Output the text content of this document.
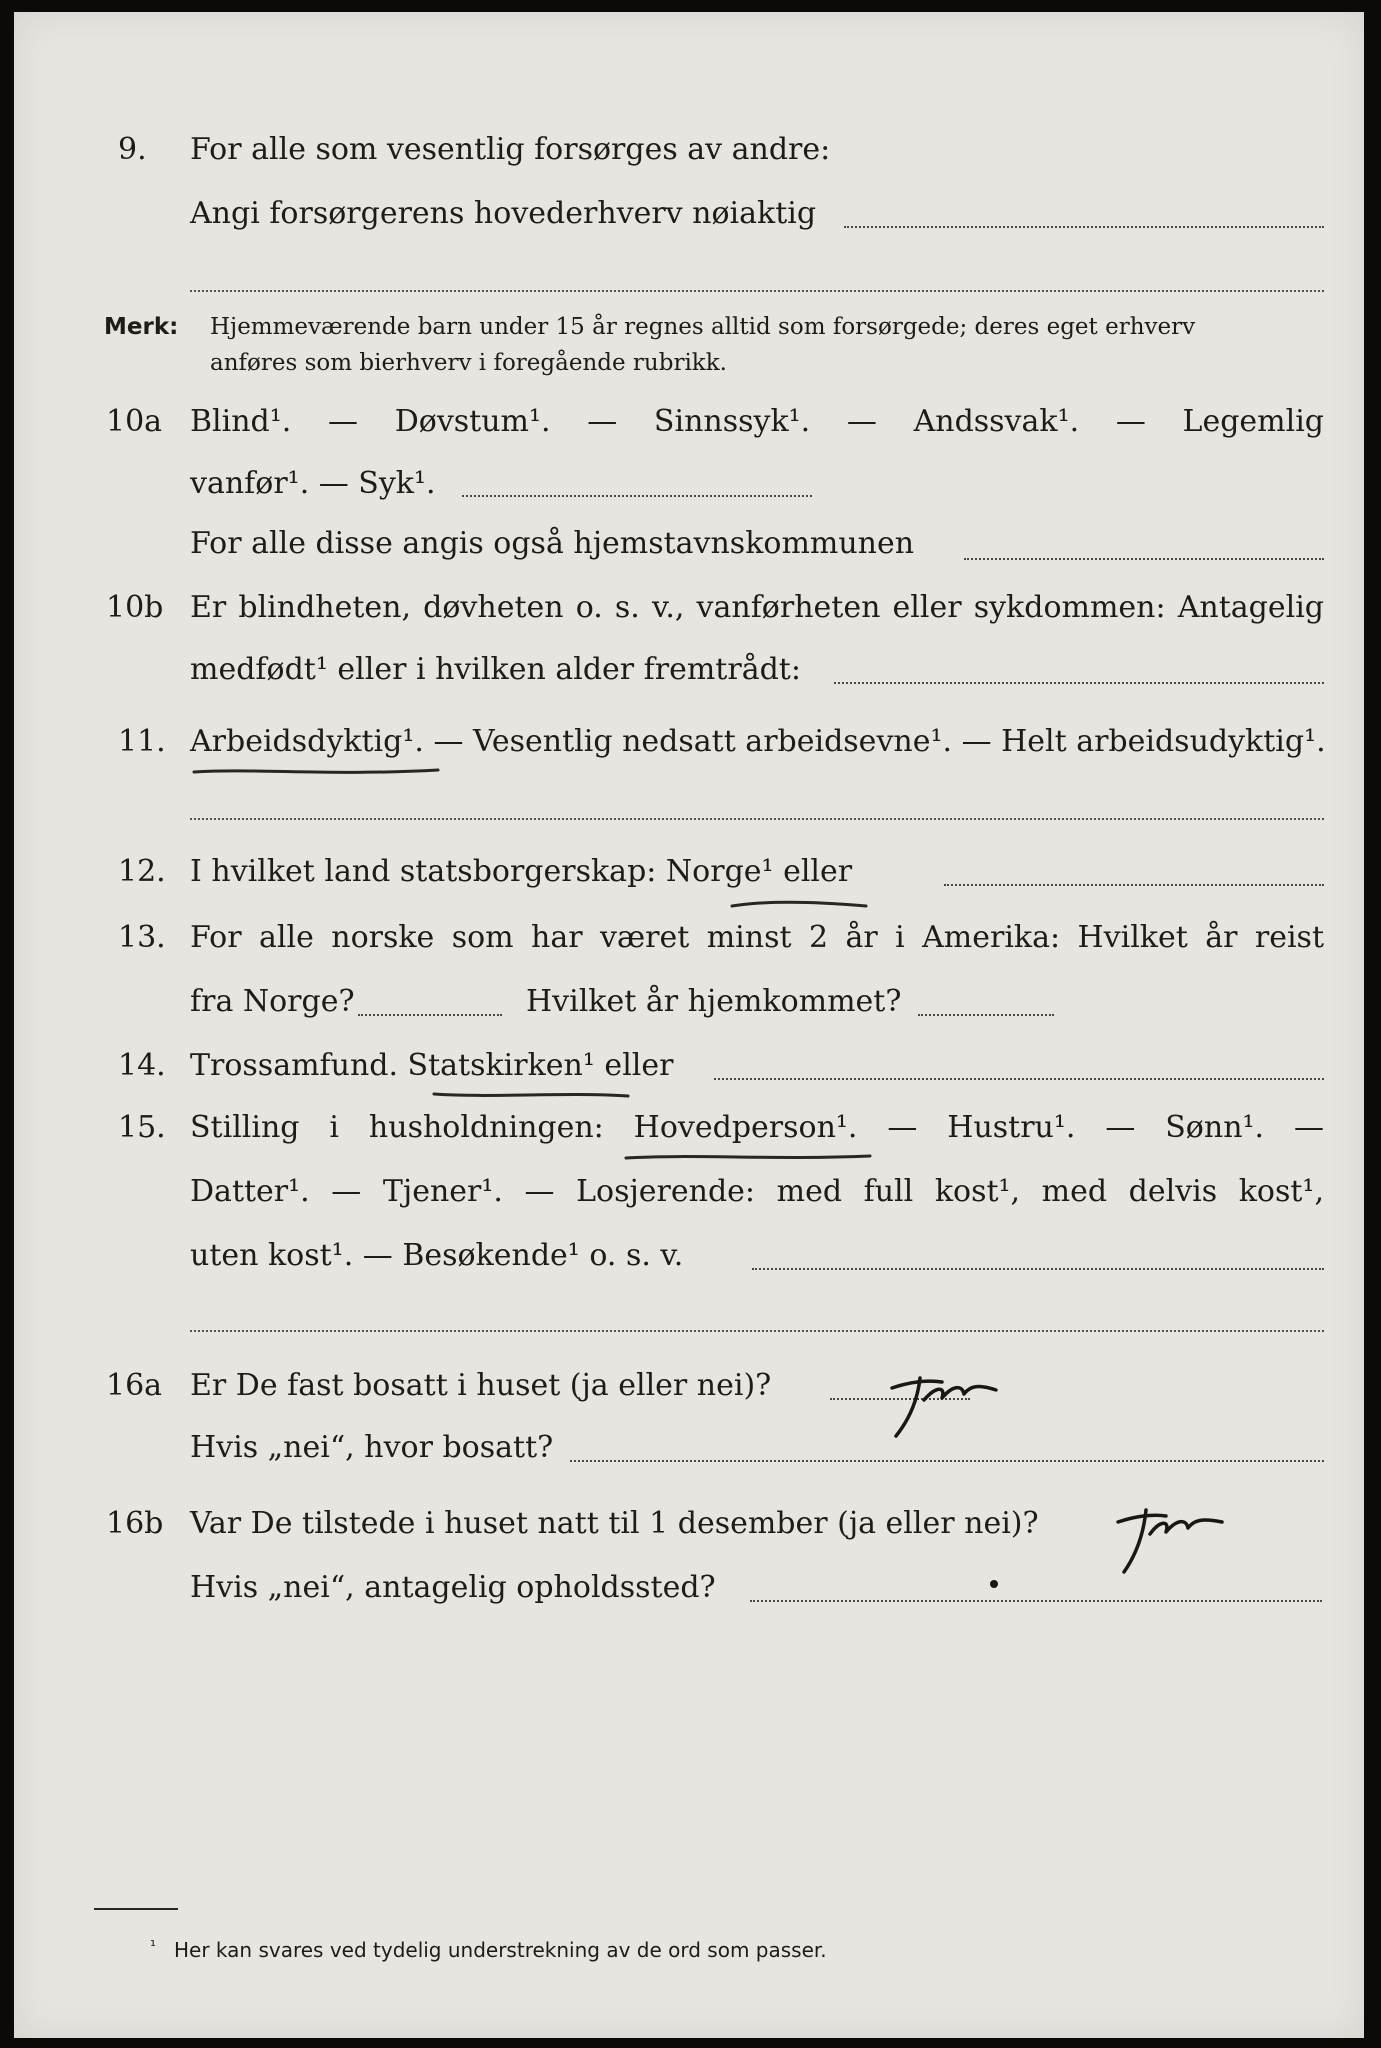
9. For alle som vesentlig forsørges av andre:
Angi forsørgerens hovederhverv nøiaktig
Merk: Hjemmeværende barn under 15 år regnes alltid som forsørgede; deres eget erhverv
anføres som bierhverv i foregående rubrikk.
10a Blind¹. — Døvstum¹. — Sinnssyk¹. — Andssvak¹. — Legemlig
vanfør¹. — Syk¹.
For alle disse angis også hjemstavnskommunen
10b Er blindheten, døvheten o. s. v., vanførheten eller sykdommen: Antagelig
medfødt¹ eller i hvilken alder fremtrådt:
11. Arbeidsdyktig¹. — Vesentlig nedsatt arbeidsevne¹. — Helt arbeidsudyktig¹.
12. I hvilket land statsborgerskap: Norge¹ eller
13. For alle norske som har været minst 2 år i Amerika: Hvilket år reist
fra Norge?	Hvilket år hjemkommet?
14. Trossamfund. Statskirken¹ eller
15. Stilling i husholdningen: Hovedperson¹. — Hustru¹. — Sønn¹. —
Datter¹. — Tjener¹. — Losjerende: med full kost¹, med delvis kost¹,
uten kost¹. — Besøkende¹ o. s. v.
16a Er De fast bosatt i huset (ja eller nei)?
Hvis „nei“, hvor bosatt?
16b Var De tilstede i huset natt til 1 desember (ja eller nei)?
Hvis „nei“, antagelig opholdssted?
¹ Her kan svares ved tydelig understrekning av de ord som passer.
